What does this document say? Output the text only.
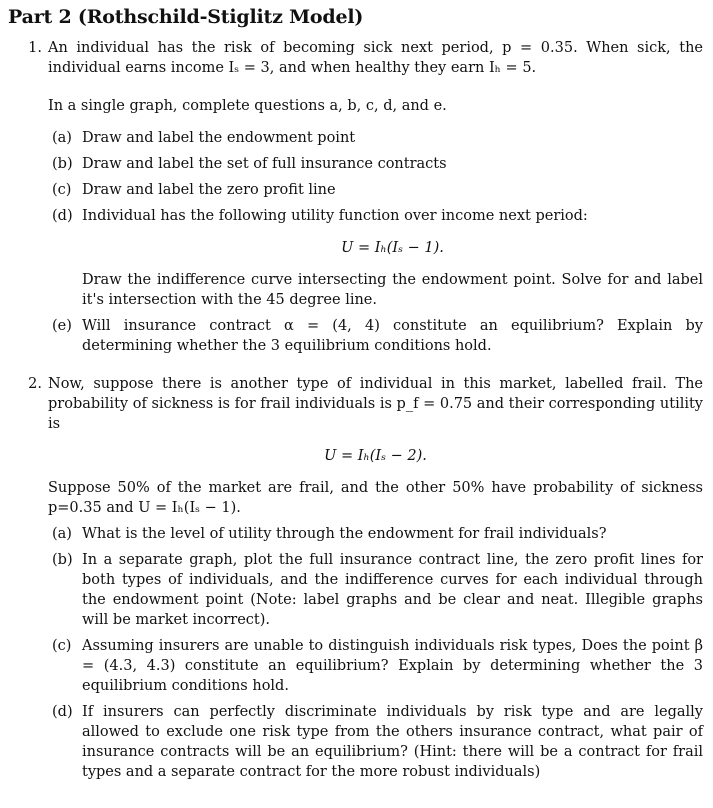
Part 2 (Rothschild-Stiglitz Model)
1. An individual has the risk of becoming sick next period, p = 0.35. When sick, the individual earns income Iₛ = 3, and when healthy they earn Iₕ = 5.

In a single graph, complete questions a, b, c, d, and e.

(a) Draw and label the endowment point
(b) Draw and label the set of full insurance contracts
(c) Draw and label the zero profit line
(d) Individual has the following utility function over income next period:
U = Iₕ(Iₛ − 1).
Draw the indifference curve intersecting the endowment point. Solve for and label it's intersection with the 45 degree line.
(e) Will insurance contract α = (4, 4) constitute an equilibrium? Explain by determining whether the 3 equilibrium conditions hold.
2. Now, suppose there is another type of individual in this market, labelled frail. The probability of sickness is for frail individuals is p_f = 0.75 and their corresponding utility is

U = Iₕ(Iₛ − 2).

Suppose 50% of the market are frail, and the other 50% have probability of sickness p=0.35 and U = Iₕ(Iₛ − 1).

(a) What is the level of utility through the endowment for frail individuals?
(b) In a separate graph, plot the full insurance contract line, the zero profit lines for both types of individuals, and the indifference curves for each individual through the endowment point (Note: label graphs and be clear and neat. Illegible graphs will be market incorrect).
(c) Assuming insurers are unable to distinguish individuals risk types, Does the point β = (4.3, 4.3) constitute an equilibrium? Explain by determining whether the 3 equilibrium conditions hold.
(d) If insurers can perfectly discriminate individuals by risk type and are legally allowed to exclude one risk type from the others insurance contract, what pair of insurance contracts will be an equilibrium? (Hint: there will be a contract for frail types and a separate contract for the more robust individuals)
